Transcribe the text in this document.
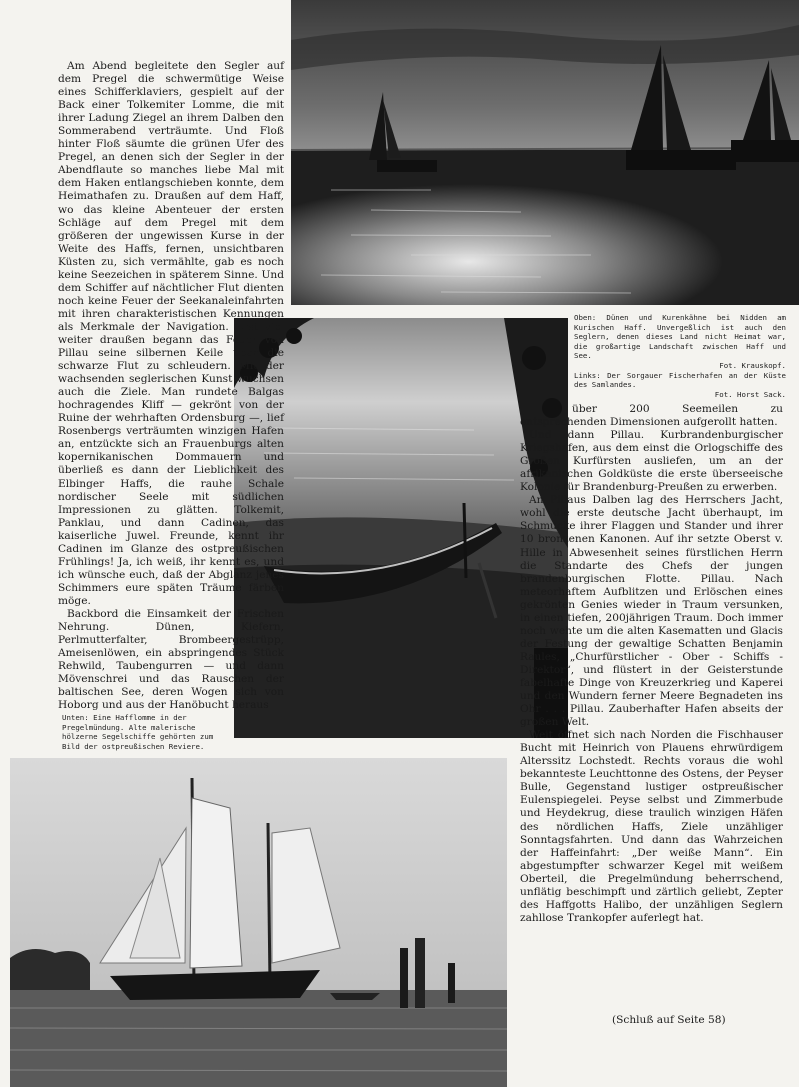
Am Abend begleitete den Segler auf dem Pregel die schwermütige Weise eines Schifferklaviers, gespielt auf der Back einer Tolkemiter Lomme, die mit ihrer Ladung Ziegel an ihrem Dalben den Sommerabend verträumte. Und Floß hinter Floß säumte die grünen Ufer des Pregel, an denen sich der Segler in der Abendflaute so manches liebe Mal mit dem Haken entlangschieben konnte, dem Heimathafen zu. Draußen auf dem Haff, wo das kleine Abenteuer der ersten Schläge auf dem Pregel mit dem größeren der ungewissen Kurse in der Weite des Haffs, fernen, unsichtbaren Küsten zu, sich vermählte, gab es noch keine Seezeichen in späterem Sinne. Und dem Schiffer auf nächtlicher Flut dienten noch keine Feuer der Seekanaleinfahrten mit ihren charakteristischen Kennungen als Merkmale der Navigation. Erst viel weiter draußen begann das Feuer von Pillau seine silbernen Keile über die schwarze Flut zu schleudern. Mit der wachsenden seglerischen Kunst wuchsen auch die Ziele. Man rundete Balgas hochragendes Kliff — gekrönt von der Ruine der wehrhaften Ordensburg —, lief Rosenbergs verträumten winzigen Hafen an, entzückte sich an Frauenburgs alten kopernikanischen Dommauern und überließ es dann der Lieblichkeit des Elbinger Haffs, die rauhe Schale nordischer Seele mit südlichen Impressionen zu glätten. Tolkemit, Panklau, und dann Cadinen, das kaiserliche Juwel. Freunde, kennt ihr Cadinen im Glanze des ostpreußischen Frühlings! Ja, ich weiß, ihr kennt es, und ich wünsche euch, daß der Abglanz jenes Schimmers eure späten Träume färben möge.

Backbord die Einsamkeit der Frischen Nehrung. Dünen, Kiefern, Perlmutterfalter, Brombeergestrüpp, Ameisenlöwen, ein abspringendes Stück Rehwild, Taubengurren — und dann Mövenschrei und das Rauschen der baltischen See, deren Wogen sich von Hoborg und aus der Hanöbucht heraus

über 200 Seemeilen zu entsprechenden Dimensionen aufgerollt hatten.

Und dann Pillau. Kurbrandenburgischer Kriegshafen, aus dem einst die Orlogschiffe des Großen Kurfürsten ausliefen, um an der afrikanischen Goldküste die erste überseeische Kolonie für Brandenburg-Preußen zu erwerben.

An Pillaus Dalben lag des Herrschers Jacht, wohl die erste deutsche Jacht überhaupt, im Schmucke ihrer Flaggen und Stander und ihrer 10 bronzenen Kanonen. Auf ihr setzte Oberst v. Hille in Abwesenheit seines fürstlichen Herrn die Standarte des Chefs der jungen brandenburgischen Flotte. Pillau. Nach meteorhaftem Aufblitzen und Erlöschen eines gekrönten Genies wieder in Traum versunken, in einen tiefen, 200jährigen Traum. Doch immer noch wehte um die alten Kasematten und Glacis der Festung der gewaltige Schatten Benjamin Raules, „Churfürstlicher - Ober - Schiffs - Direktor“, und flüstert in der Geisterstunde fabelhafte Dinge von Kreuzerkrieg und Kaperei und den Wundern ferner Meere Begnadeten ins Ohr . . . Pillau. Zauberhafter Hafen abseits der großen Welt.

Weit öffnet sich nach Norden die Fischhauser Bucht mit Heinrich von Plauens ehrwürdigem Alterssitz Lochstedt. Rechts voraus die wohl bekannteste Leuchttonne des Ostens, der Peyser Bulle, Gegenstand lustiger ostpreußischer Eulenspiegelei. Peyse selbst und Zimmerbude und Heydekrug, diese traulich winzigen Häfen des nördlichen Haffs, Ziele unzähliger Sonntagsfahrten. Und dann das Wahrzeichen der Haffeinfahrt: „Der weiße Mann“. Ein abgestumpfter schwarzer Kegel mit weißem Oberteil, die Pregelmündung beherrschend, unflätig beschimpft und zärtlich geliebt, Zepter des Haffgotts Halibo, der unzähligen Seglern zahllose Trankopfer auferlegt hat.

Oben: Dünen und Kurenkähne bei Nidden am Kurischen Haff. Unvergeßlich ist auch den Seglern, denen dieses Land nicht Heimat war, die großartige Landschaft zwischen Haff und See.
Fot. Krauskopf.
Links: Der Sorgauer Fischerhafen an der Küste des Samlandes.
Fot. Horst Sack.
Unten: Eine Hafflomme in der Pregelmündung. Alte malerische hölzerne Segelschiffe gehörten zum Bild der ostpreußischen Reviere.
(Schluß auf Seite 58)
